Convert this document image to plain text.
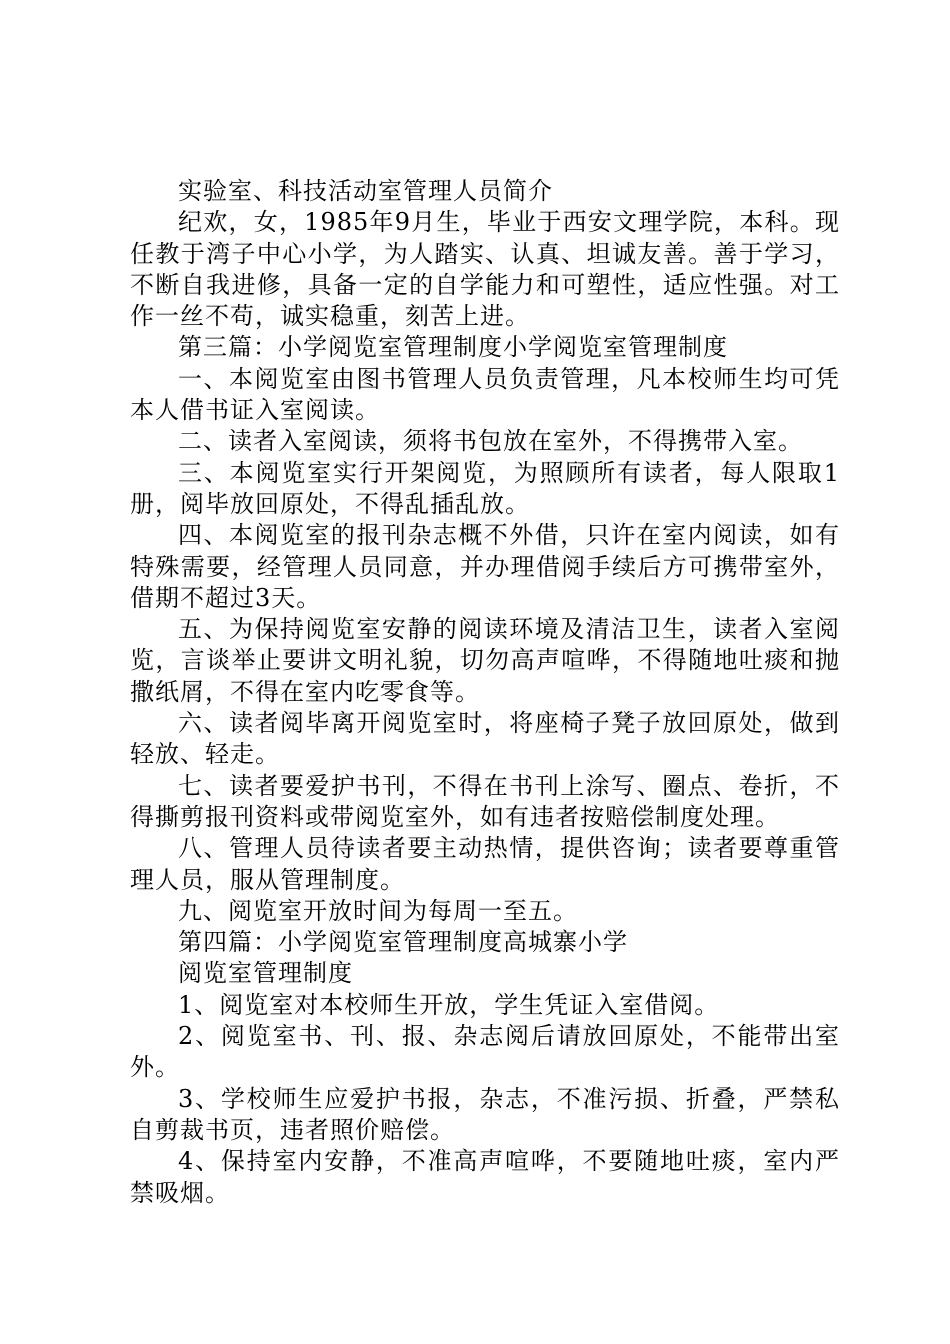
实验室、科技活动室管理人员简介

纪欢，女，1985年9月生，毕业于西安文理学院，本科。现任教于湾子中心小学，为人踏实、认真、坦诚友善。善于学习，不断自我进修，具备一定的自学能力和可塑性，适应性强。对工作一丝不苟，诚实稳重，刻苦上进。

第三篇：小学阅览室管理制度小学阅览室管理制度

一、本阅览室由图书管理人员负责管理，凡本校师生均可凭本人借书证入室阅读。

二、读者入室阅读，须将书包放在室外，不得携带入室。

三、本阅览室实行开架阅览，为照顾所有读者，每人限取1册，阅毕放回原处，不得乱插乱放。

四、本阅览室的报刊杂志概不外借，只许在室内阅读，如有特殊需要，经管理人员同意，并办理借阅手续后方可携带室外，借期不超过3天。

五、为保持阅览室安静的阅读环境及清洁卫生，读者入室阅览，言谈举止要讲文明礼貌，切勿高声喧哗，不得随地吐痰和抛撒纸屑，不得在室内吃零食等。

六、读者阅毕离开阅览室时，将座椅子凳子放回原处，做到轻放、轻走。

七、读者要爱护书刊，不得在书刊上涂写、圈点、卷折，不得撕剪报刊资料或带阅览室外，如有违者按赔偿制度处理。

八、管理人员待读者要主动热情，提供咨询；读者要尊重管理人员，服从管理制度。

九、阅览室开放时间为每周一至五。

第四篇：小学阅览室管理制度高城寨小学

阅览室管理制度

1、阅览室对本校师生开放，学生凭证入室借阅。

2、阅览室书、刊、报、杂志阅后请放回原处，不能带出室外。

3、学校师生应爱护书报，杂志，不准污损、折叠，严禁私自剪裁书页，违者照价赔偿。

4、保持室内安静，不准高声喧哗，不要随地吐痰，室内严禁吸烟。
